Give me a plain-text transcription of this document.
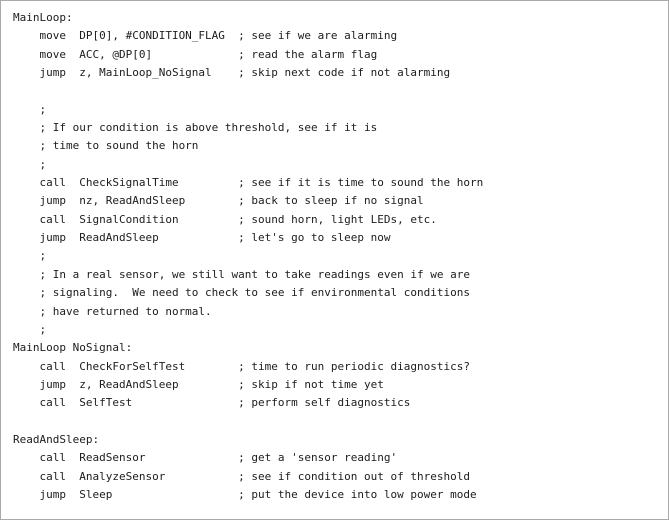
MainLoop:
move  DP[0], #CONDITION_FLAG  ; see if we are alarming
move  ACC, @DP[0]             ; read the alarm flag
jump  z, MainLoop_NoSignal    ; skip next code if not alarming
;
; If our condition is above threshold, see if it is
; time to sound the horn
;
call  CheckSignalTime         ; see if it is time to sound the horn
jump  nz, ReadAndSleep        ; back to sleep if no signal
call  SignalCondition         ; sound horn, light LEDs, etc.
jump  ReadAndSleep            ; let's go to sleep now
;
; In a real sensor, we still want to take readings even if we are
; signaling.  We need to check to see if environmental conditions
; have returned to normal.
;
MainLoop NoSignal:
call  CheckForSelfTest        ; time to run periodic diagnostics?
jump  z, ReadAndSleep         ; skip if not time yet
call  SelfTest                ; perform self diagnostics
ReadAndSleep:
call  ReadSensor              ; get a 'sensor reading'
call  AnalyzeSensor           ; see if condition out of threshold
jump  Sleep                   ; put the device into low power mode
